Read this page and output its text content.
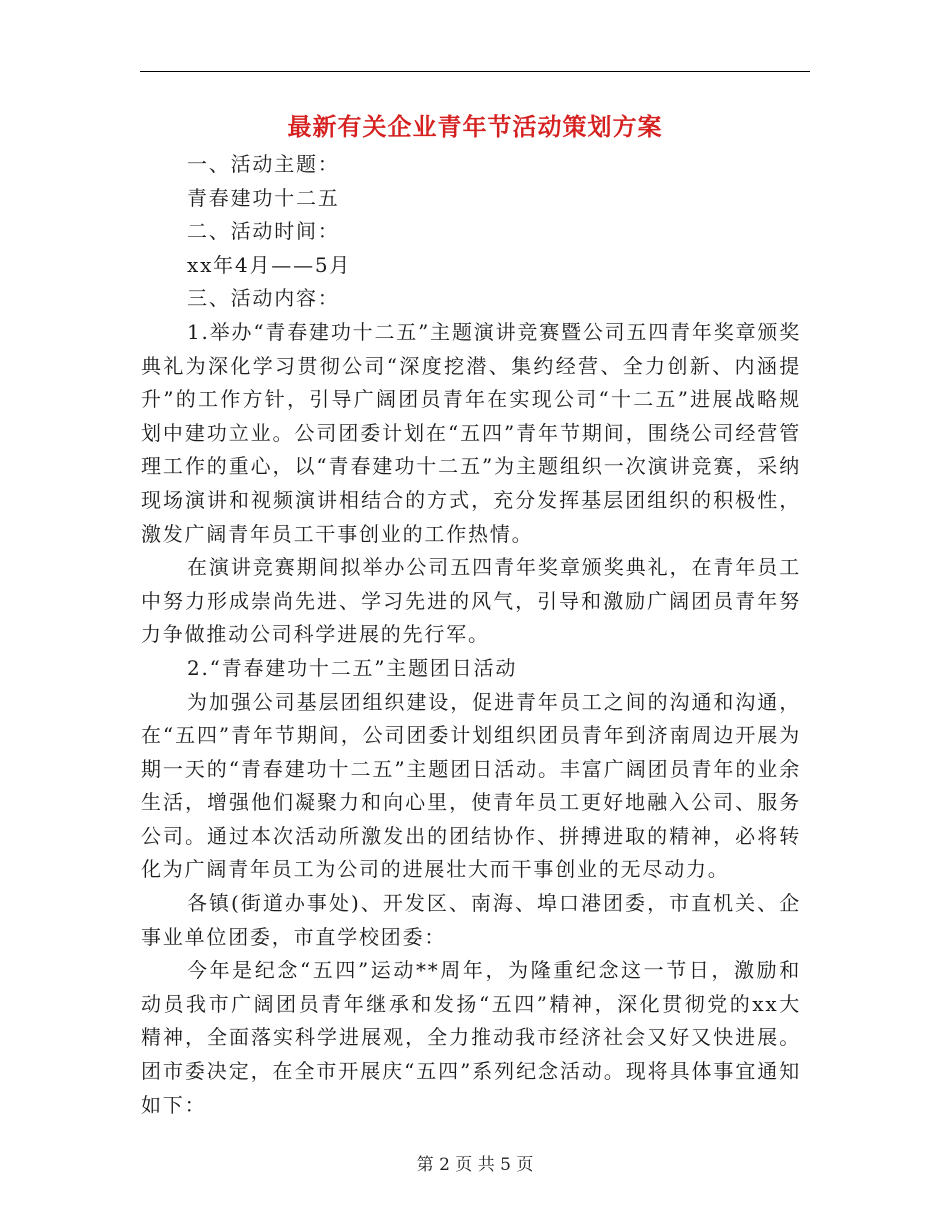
最新有关企业青年节活动策划方案

一、活动主题：

青春建功十二五

二、活动时间：

xx年4月——5月

三、活动内容：

1.举办“青春建功十二五”主题演讲竞赛暨公司五四青年奖章颁奖典礼为深化学习贯彻公司“深度挖潜、集约经营、全力创新、内涵提升”的工作方针，引导广阔团员青年在实现公司“十二五”进展战略规划中建功立业。公司团委计划在“五四”青年节期间，围绕公司经营管理工作的重心，以“青春建功十二五”为主题组织一次演讲竞赛，采纳现场演讲和视频演讲相结合的方式，充分发挥基层团组织的积极性，激发广阔青年员工干事创业的工作热情。

在演讲竞赛期间拟举办公司五四青年奖章颁奖典礼，在青年员工中努力形成崇尚先进、学习先进的风气，引导和激励广阔团员青年努力争做推动公司科学进展的先行军。

2.“青春建功十二五”主题团日活动

为加强公司基层团组织建设，促进青年员工之间的沟通和沟通，在“五四”青年节期间，公司团委计划组织团员青年到济南周边开展为期一天的“青春建功十二五”主题团日活动。丰富广阔团员青年的业余生活，增强他们凝聚力和向心里，使青年员工更好地融入公司、服务公司。通过本次活动所激发出的团结协作、拼搏进取的精神，必将转化为广阔青年员工为公司的进展壮大而干事创业的无尽动力。

各镇(街道办事处)、开发区、南海、埠口港团委，市直机关、企事业单位团委，市直学校团委：

今年是纪念“五四”运动**周年，为隆重纪念这一节日，激励和动员我市广阔团员青年继承和发扬“五四”精神，深化贯彻党的xx大精神，全面落实科学进展观，全力推动我市经济社会又好又快进展。团市委决定，在全市开展庆“五四”系列纪念活动。现将具体事宜通知如下：

第 2 页 共 5 页
